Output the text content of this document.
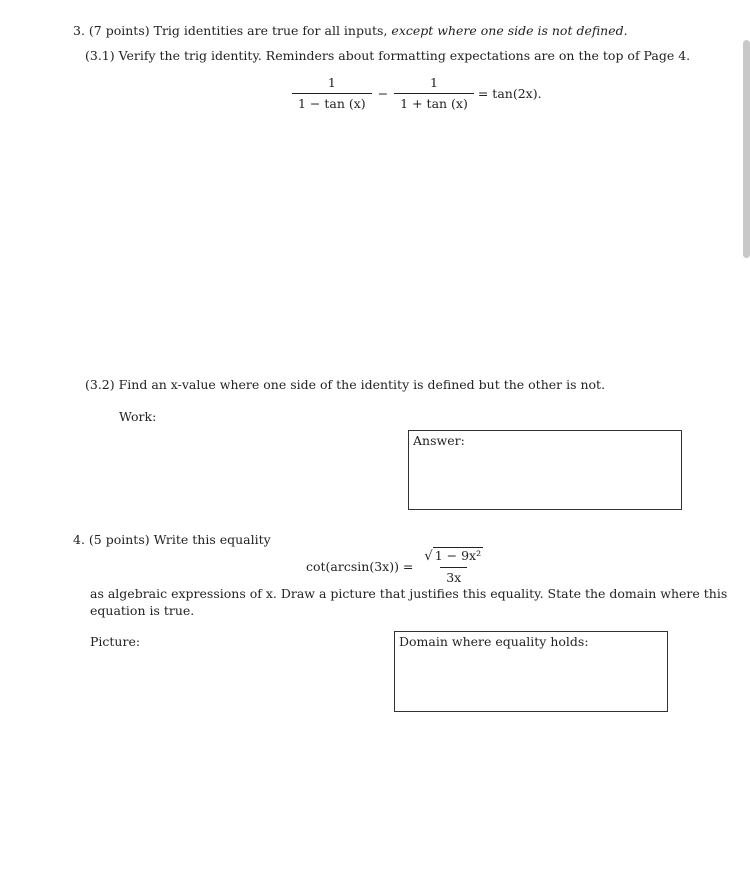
3. (7 points) Trig identities are true for all inputs, except where one side is not defined.
(3.1) Verify the trig identity. Reminders about formatting expectations are on the top of Page 4.
$\frac{1}{1 - \tan (x)} - \frac{1}{1 + \tan (x)} = \tan(2x)$.
(3.2) Find an x-value where one side of the identity is defined but the other is not.
Work:
Answer:
4. (5 points) Write this equality
$\cot(\arcsin(3x)) = \frac{\text{√ 1 − 9x²}}{3x}$
as algebraic expressions of x. Draw a picture that justifies this equality. State the domain where this
equation is true.
Picture:	Domain where equality holds:
